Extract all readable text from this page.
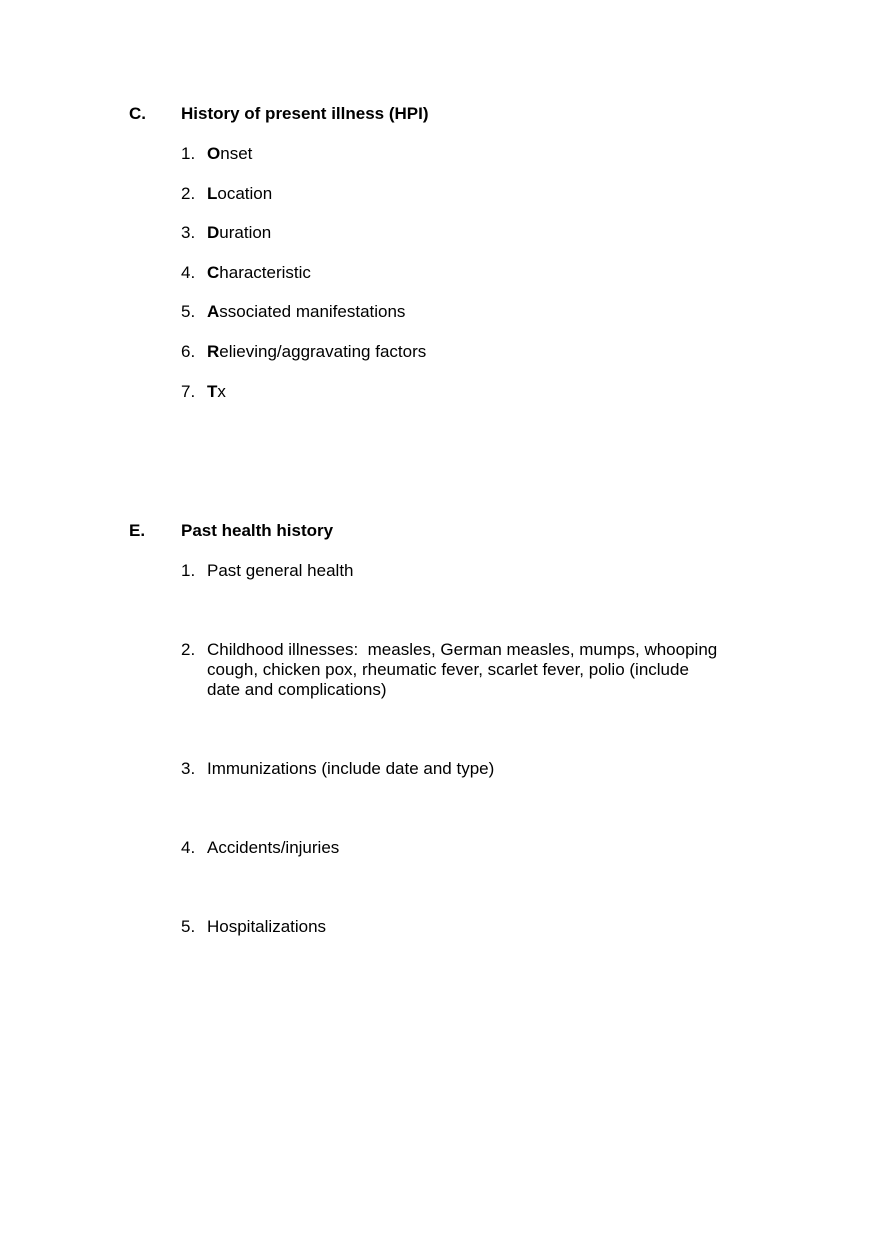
C. History of present illness (HPI)
1. Onset
2. Location
3. Duration
4. Characteristic
5. Associated manifestations
6. Relieving/aggravating factors
7. Tx
E. Past health history
1. Past general health
2. Childhood illnesses:  measles, German measles, mumps, whooping cough, chicken pox, rheumatic fever, scarlet fever, polio (include date and complications)
3. Immunizations (include date and type)
4. Accidents/injuries
5. Hospitalizations
